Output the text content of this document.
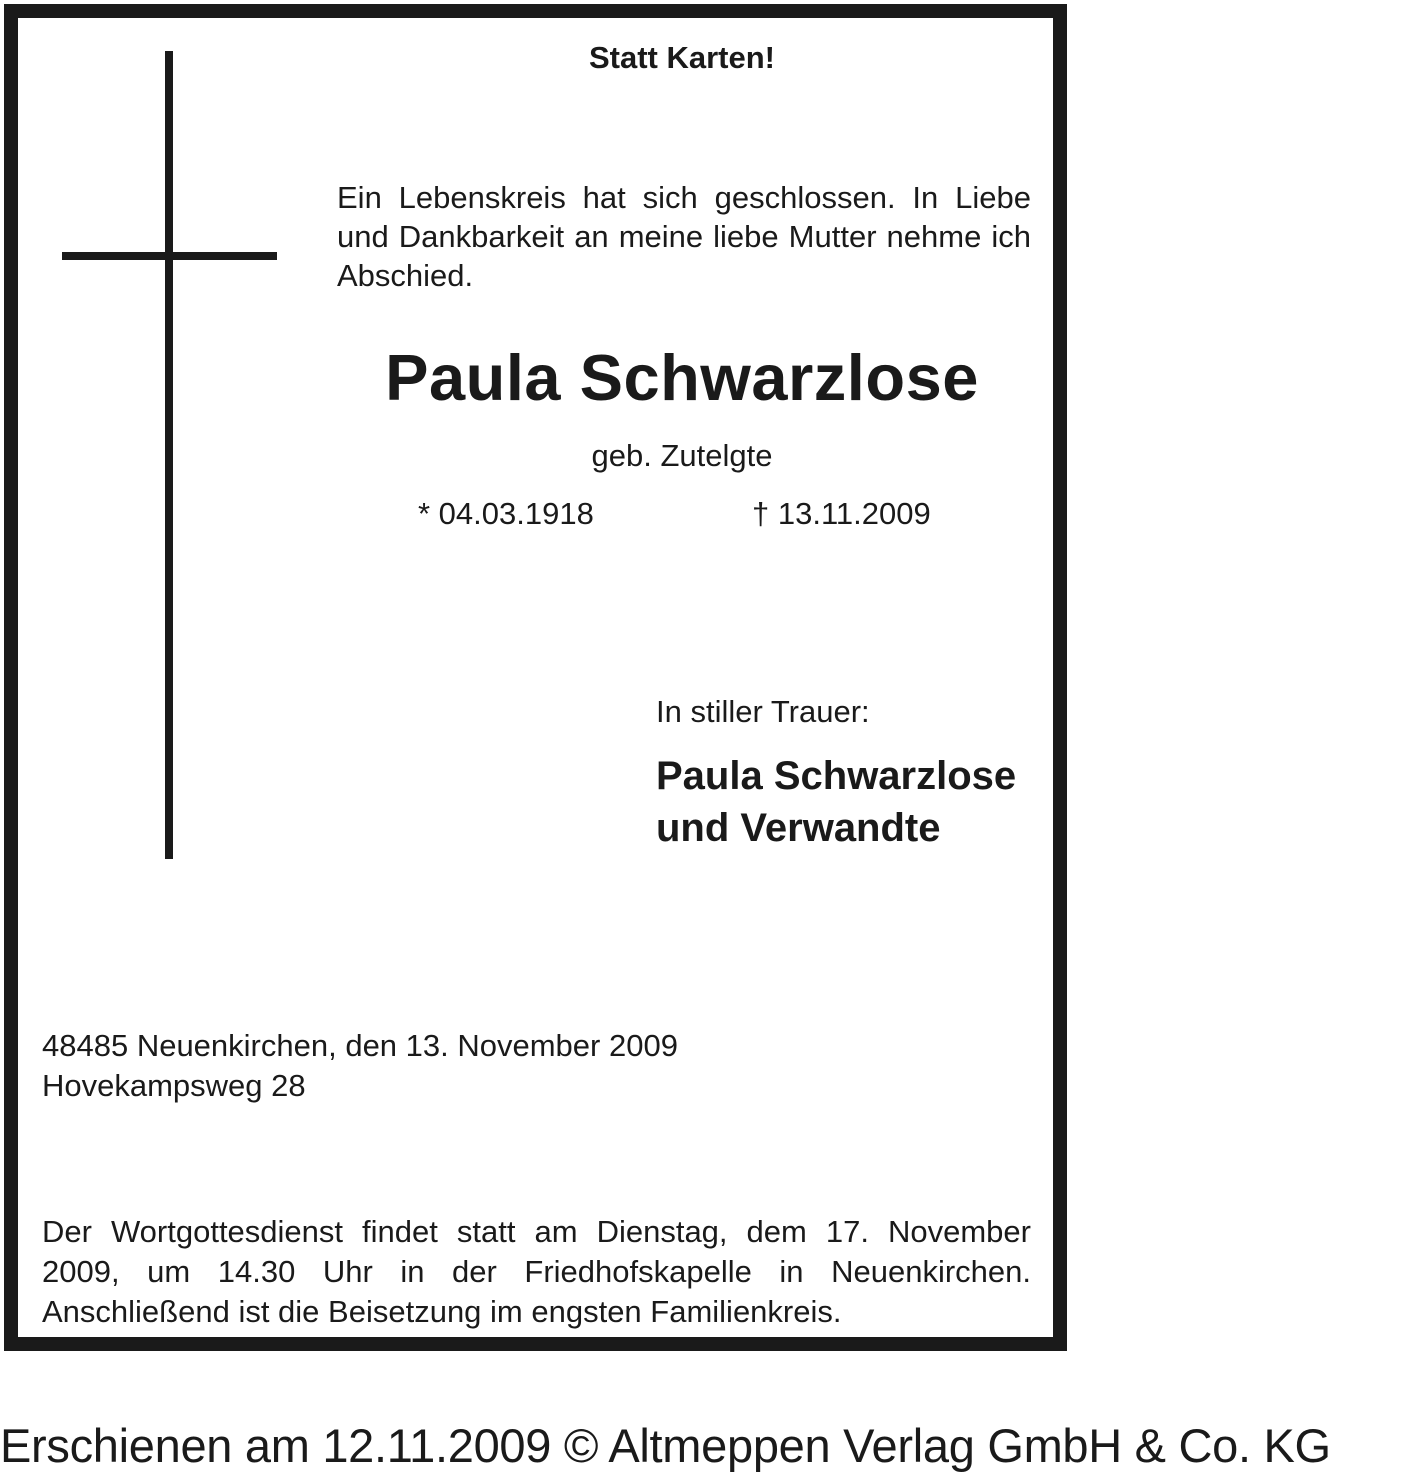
Statt Karten!
Ein Lebenskreis hat sich geschlossen. In Liebe und Dankbarkeit an meine liebe Mutter nehme ich Abschied.
Paula Schwarzlose
geb. Zutelgte
* 04.03.1918	† 13.11.2009
In stiller Trauer:
Paula Schwarzlose
und Verwandte
48485 Neuenkirchen, den 13. November 2009
Hovekampsweg 28
Der Wortgottesdienst findet statt am Dienstag, dem 17. November 2009, um 14.30 Uhr in der Friedhofskapelle in Neuenkirchen. Anschließend ist die Beisetzung im engsten Familienkreis.
Erschienen am 12.11.2009 © Altmeppen Verlag GmbH & Co. KG
